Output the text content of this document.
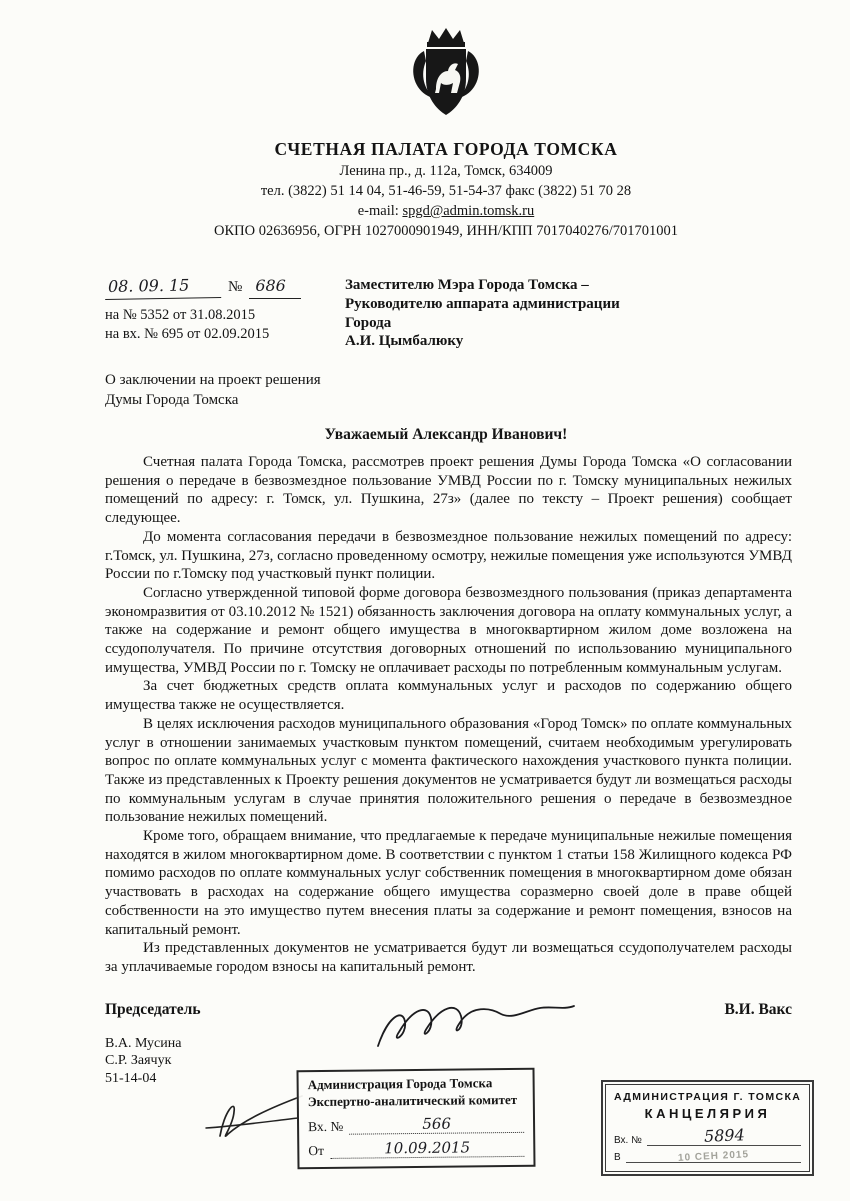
СЧЕТНАЯ ПАЛАТА ГОРОДА ТОМСКА
Ленина пр., д. 112а, Томск, 634009
тел. (3822) 51 14 04, 51-46-59, 51-54-37 факс (3822) 51 70 28
e-mail: spgd@admin.tomsk.ru
ОКПО 02636956, ОГРН 1027000901949, ИНН/КПП 7017040276/701701001
08. 09. 15	№ 686
на № 5352 от 31.08.2015
на вх. № 695 от 02.09.2015
Заместителю Мэра Города Томска –
Руководителю аппарата администрации
Города
А.И. Цымбалюку
О заключении на проект решения
Думы Города Томска
Уважаемый Александр Иванович!

Счетная палата Города Томска, рассмотрев проект решения Думы Города Томска «О согласовании решения о передаче в безвозмездное пользование УМВД России по г. Томску муниципальных нежилых помещений по адресу: г. Томск, ул. Пушкина, 27з» (далее по тексту – Проект решения) сообщает следующее.

До момента согласования передачи в безвозмездное пользование нежилых помещений по адресу: г.Томск, ул. Пушкина, 27з, согласно проведенному осмотру, нежилые помещения уже используются УМВД России по г.Томску под участковый пункт полиции.

Согласно утвержденной типовой форме договора безвозмездного пользования (приказ департамента экономразвития от 03.10.2012 № 1521) обязанность заключения договора на оплату коммунальных услуг, а также на содержание и ремонт общего имущества в многоквартирном жилом доме возложена на ссудополучателя. По причине отсутствия договорных отношений по использованию муниципального имущества, УМВД России по г. Томску не оплачивает расходы по потребленным коммунальным услугам.

За счет бюджетных средств оплата коммунальных услуг и расходов по содержанию общего имущества также не осуществляется.

В целях исключения расходов муниципального образования «Город Томск» по оплате коммунальных услуг в отношении занимаемых участковым пунктом помещений, считаем необходимым урегулировать вопрос по оплате коммунальных услуг с момента фактического нахождения участкового пункта полиции. Также из представленных к Проекту решения документов не усматривается будут ли возмещаться расходы по коммунальным услугам в случае принятия положительного решения о передаче в безвозмездное пользование нежилых помещений.

Кроме того, обращаем внимание, что предлагаемые к передаче муниципальные нежилые помещения находятся в жилом многоквартирном доме. В соответствии с пунктом 1 статьи 158 Жилищного кодекса РФ помимо расходов по оплате коммунальных услуг собственник помещения в многоквартирном доме обязан участвовать в расходах на содержание общего имущества соразмерно своей доле в праве общей собственности на это имущество путем внесения платы за содержание и ремонт помещения, взносов на капитальный ремонт.

Из представленных документов не усматривается будут ли возмещаться ссудополучателем расходы за уплачиваемые городом взносы на капитальный ремонт.

Председатель	В.И. Вакс
В.А. Мусина
С.Р. Заячук
51-14-04	Администрация Города Томска
Экспертно-аналитический комитет
Вх. №	566
От	10.09.2015
АДМИНИСТРАЦИЯ Г. ТОМСКА
КАНЦЕЛЯРИЯ
Вх. №	5894
В	10 СЕН 2015
